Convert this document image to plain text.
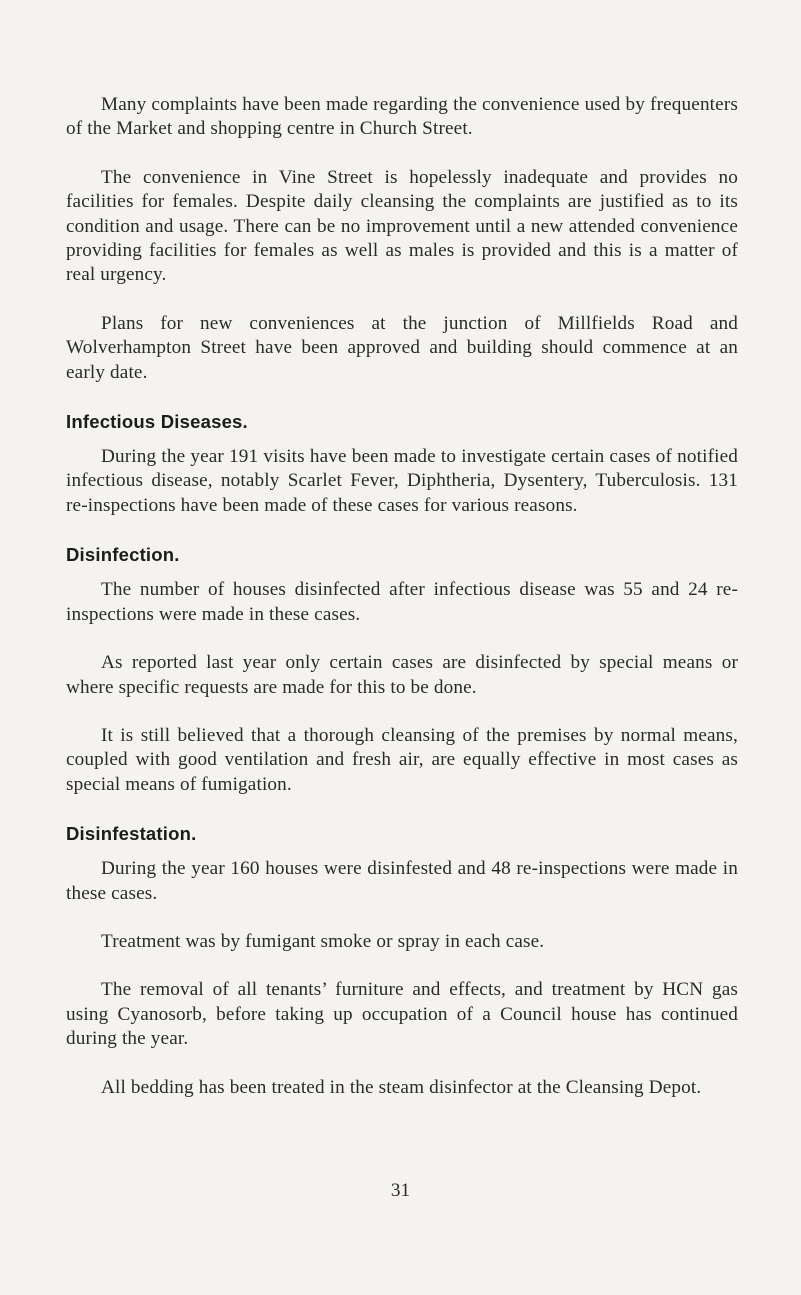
Many complaints have been made regarding the convenience used by frequenters of the Market and shopping centre in Church Street.

The convenience in Vine Street is hopelessly inadequate and provides no facilities for females. Despite daily cleansing the complaints are justified as to its condition and usage. There can be no improvement until a new attended convenience providing facilities for females as well as males is provided and this is a matter of real urgency.

Plans for new conveniences at the junction of Millfields Road and Wolverhampton Street have been approved and building should commence at an early date.

Infectious Diseases.

During the year 191 visits have been made to investigate certain cases of notified infectious disease, notably Scarlet Fever, Diphtheria, Dysentery, Tuberculosis. 131 re-inspections have been made of these cases for various reasons.

Disinfection.

The number of houses disinfected after infectious disease was 55 and 24 re-inspections were made in these cases.

As reported last year only certain cases are disinfected by special means or where specific requests are made for this to be done.

It is still believed that a thorough cleansing of the premises by normal means, coupled with good ventilation and fresh air, are equally effective in most cases as special means of fumigation.

Disinfestation.

During the year 160 houses were disinfested and 48 re-inspections were made in these cases.

Treatment was by fumigant smoke or spray in each case.

The removal of all tenants’ furniture and effects, and treatment by HCN gas using Cyanosorb, before taking up occupation of a Council house has continued during the year.

All bedding has been treated in the steam disinfector at the Cleansing Depot.

31
